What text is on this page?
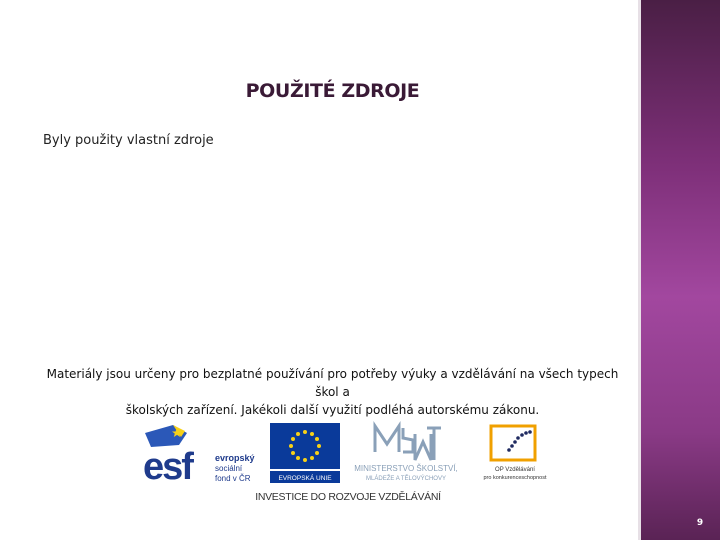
POUŽITÉ ZDROJE
Byly použity vlastní zdroje
Materiály jsou určeny pro bezplatné používání pro potřeby výuky a vzdělávání na všech typech škol a
školských zařízení. Jakékoli další využití podléhá autorskému zákonu.
esf	evropský
sociální
fond v ČR	EVROPSKÁ UNIE
MINISTERSTVO ŠKOLSTVÍ,
MLÁDEŽE A TĚLOVÝCHOVY
OP Vzdělávání
pro konkurenceschopnost
INVESTICE DO ROZVOJE VZDĚLÁVÁNÍ
9
